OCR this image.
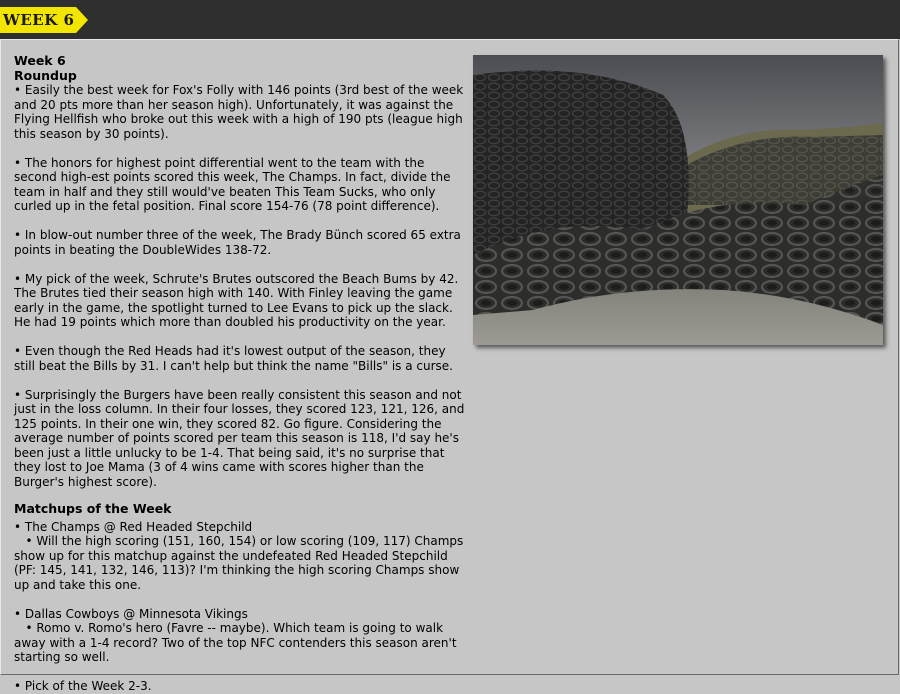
WEEK 6
Week 6
Roundup

• Easily the best week for Fox's Folly with 146 points (3rd best of the week and 20 pts more than her season high). Unfortunately, it was against the Flying Hellfish who broke out this week with a high of 190 pts (league high this season by 30 points).

• The honors for highest point differential went to the team with the second high-est points scored this week, The Champs. In fact, divide the team in half and they still would've beaten This Team Sucks, who only curled up in the fetal position. Final score 154-76 (78 point difference).

• In blow-out number three of the week, The Brady Bünch scored 65 extra points in beating the DoubleWides 138-72.

• My pick of the week, Schrute's Brutes outscored the Beach Bums by 42. The Brutes tied their season high with 140. With Finley leaving the game early in the game, the spotlight turned to Lee Evans to pick up the slack. He had 19 points which more than doubled his productivity on the year.

• Even though the Red Heads had it's lowest output of the season, they still beat the Bills by 31. I can't help but think the name "Bills" is a curse.

• Surprisingly the Burgers have been really consistent this season and not just in the loss column. In their four losses, they scored 123, 121, 126, and 125 points. In their one win, they scored 82. Go figure. Considering the average number of points scored per team this season is 118, I'd say he's been just a little unlucky to be 1-4. That being said, it's no surprise that they lost to Joe Mama (3 of 4 wins came with scores higher than the Burger's highest score).

Matchups of the Week
• The Champs @ Red Headed Stepchild

• Will the high scoring (151, 160, 154) or low scoring (109, 117) Champs show up for this matchup against the undefeated Red Headed Stepchild (PF: 145, 141, 132, 146, 113)? I'm thinking the high scoring Champs show up and take this one.

• Dallas Cowboys @ Minnesota Vikings

• Romo v. Romo's hero (Favre -- maybe). Which team is going to walk away with a 1-4 record? Two of the top NFC contenders this season aren't starting so well.

• Pick of the Week 2-3.
